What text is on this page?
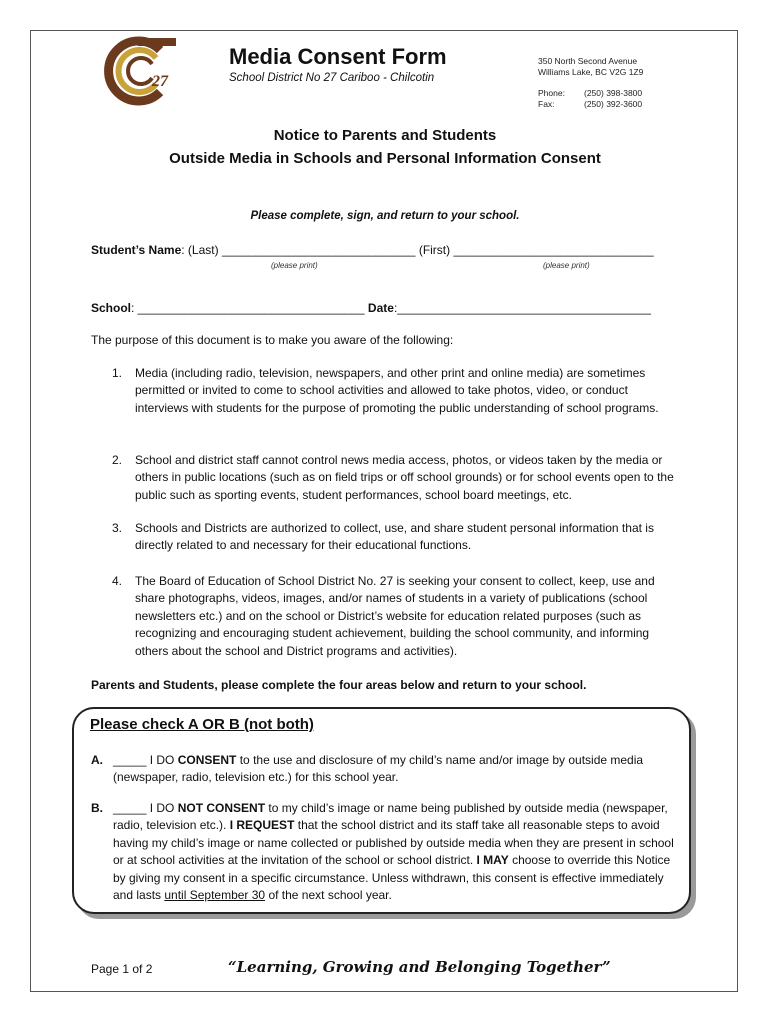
27
Media Consent Form
School District No 27 Cariboo - Chilcotin
350 North Second Avenue
Williams Lake, BC V2G 1Z9
Phone: (250) 398-3800
Fax:	(250) 392-3600
Notice to Parents and Students
Outside Media in Schools and Personal Information Consent
Please complete, sign, and return to your school.
Student’s Name: (Last) _____________________________ (First) ______________________________
(please print)	(please print)
School: __________________________________ Date:______________________________________
The purpose of this document is to make you aware of the following:
1. Media (including radio, television, newspapers, and other print and online media) are sometimes permitted or invited to come to school activities and allowed to take photos, video, or conduct interviews with students for the purpose of promoting the public understanding of school programs.
2. School and district staff cannot control news media access, photos, or videos taken by the media or others in public locations (such as on field trips or off school grounds) or for school events open to the public such as sporting events, student performances, school board meetings, etc.
3. Schools and Districts are authorized to collect, use, and share student personal information that is directly related to and necessary for their educational functions.
4. The Board of Education of School District No. 27 is seeking your consent to collect, keep, use and share photographs, videos, images, and/or names of students in a variety of publications (school newsletters etc.) and on the school or District’s website for education related purposes (such as recognizing and encouraging student achievement, building the school community, and informing others about the school and District programs and activities).
Parents and Students, please complete the four areas below and return to your school.
Please check A OR B (not both)
A. _____ I DO CONSENT to the use and disclosure of my child’s name and/or image by outside media (newspaper, radio, television etc.) for this school year.
B. _____ I DO NOT CONSENT to my child’s image or name being published by outside media (newspaper, radio, television etc.). I REQUEST that the school district and its staff take all reasonable steps to avoid having my child’s image or name collected or published by outside media when they are present in school or at school activities at the invitation of the school or school district. I MAY choose to override this Notice by giving my consent in a specific circumstance. Unless withdrawn, this consent is effective immediately and lasts until September 30 of the next school year.
Page 1 of 2	“Learning, Growing and Belonging Together”
